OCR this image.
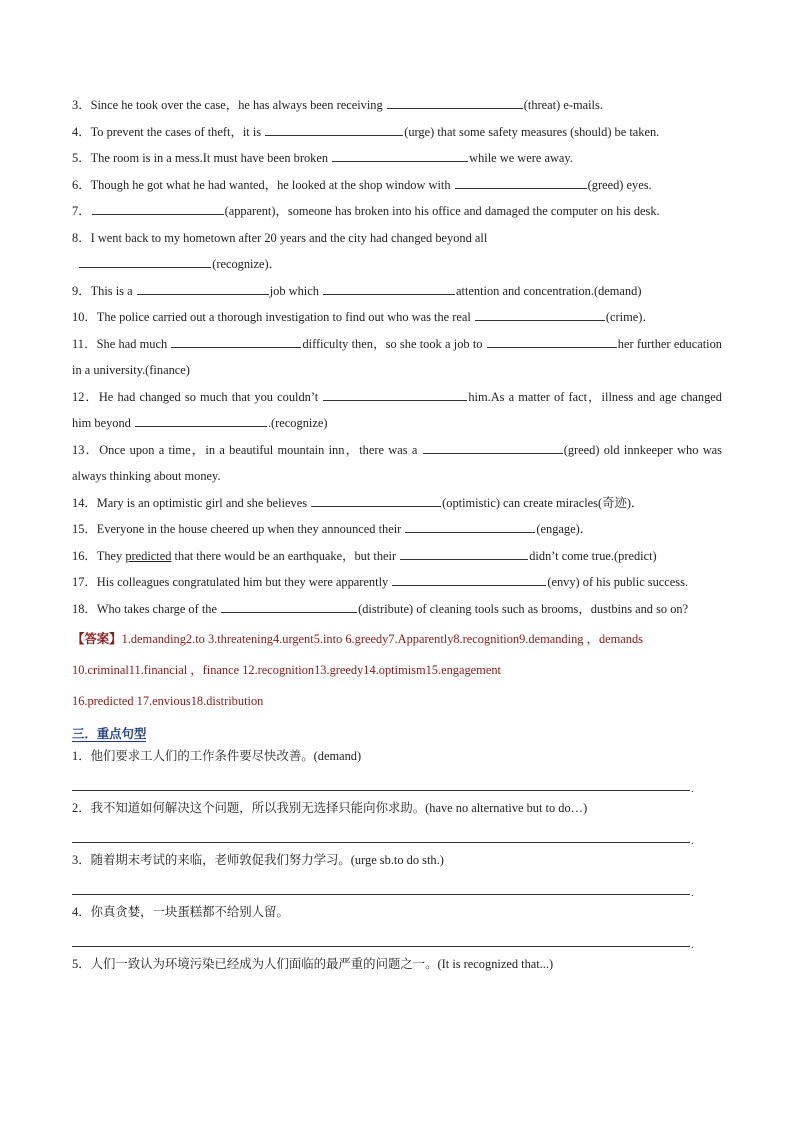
3．Since he took over the case，he has always been receiving	(threat) e-mails.
4．To prevent the cases of theft，it is	(urge) that some safety measures (should) be taken.
5．The room is in a mess.It must have been broken	while we were away.
6．Though he got what he had wanted，he looked at the shop window with	(greed) eyes.
7．	(apparent)，someone has broken into his office and damaged the computer on his desk.
8．I went back to my hometown after 20 years and the city had changed beyond all
(recognize)．
9．This is a	job which	attention and concentration.(demand)
10．The police carried out a thorough investigation to find out who was the real	(crime)．
11．She had much	difficulty then，so she took a job to	her further education in a university.(finance)
12．He had changed so much that you couldn’t	him.As a matter of fact，illness and age changed him beyond	.(recognize)
13．Once upon a time，in a beautiful mountain inn，there was a	(greed) old innkeeper who was always thinking about money.
14．Mary is an optimistic girl and she believes	(optimistic) can create miracles(奇迹)．
15．Everyone in the house cheered up when they announced their	(engage)．
16．They predicted that there would be an earthquake，but their	didn’t come true.(predict)
17．His colleagues congratulated him but they were apparently	(envy) of his public success.
18．Who takes charge of the	(distribute) of cleaning tools such as brooms，dustbins and so on?
【答案】1.demanding2.to 3.threatening4.urgent5.into 6.greedy7.Apparently8.recognition9.demanding ，demands
10.criminal11.financial ，finance 12.recognition13.greedy14.optimism15.engagement
16.predicted 17.envious18.distribution
三．重点句型
1．他们要求工人们的工作条件要尽快改善。(demand)
.
2．我不知道如何解决这个问题，所以我别无选择只能向你求助。(have no alternative but to do…)
.
3．随着期末考试的来临，老师敦促我们努力学习。(urge sb.to do sth.)
.
4．你真贪婪，一块蛋糕都不给别人留。
.
5．人们一致认为环境污染已经成为人们面临的最严重的问题之一。(It is recognized that...)
